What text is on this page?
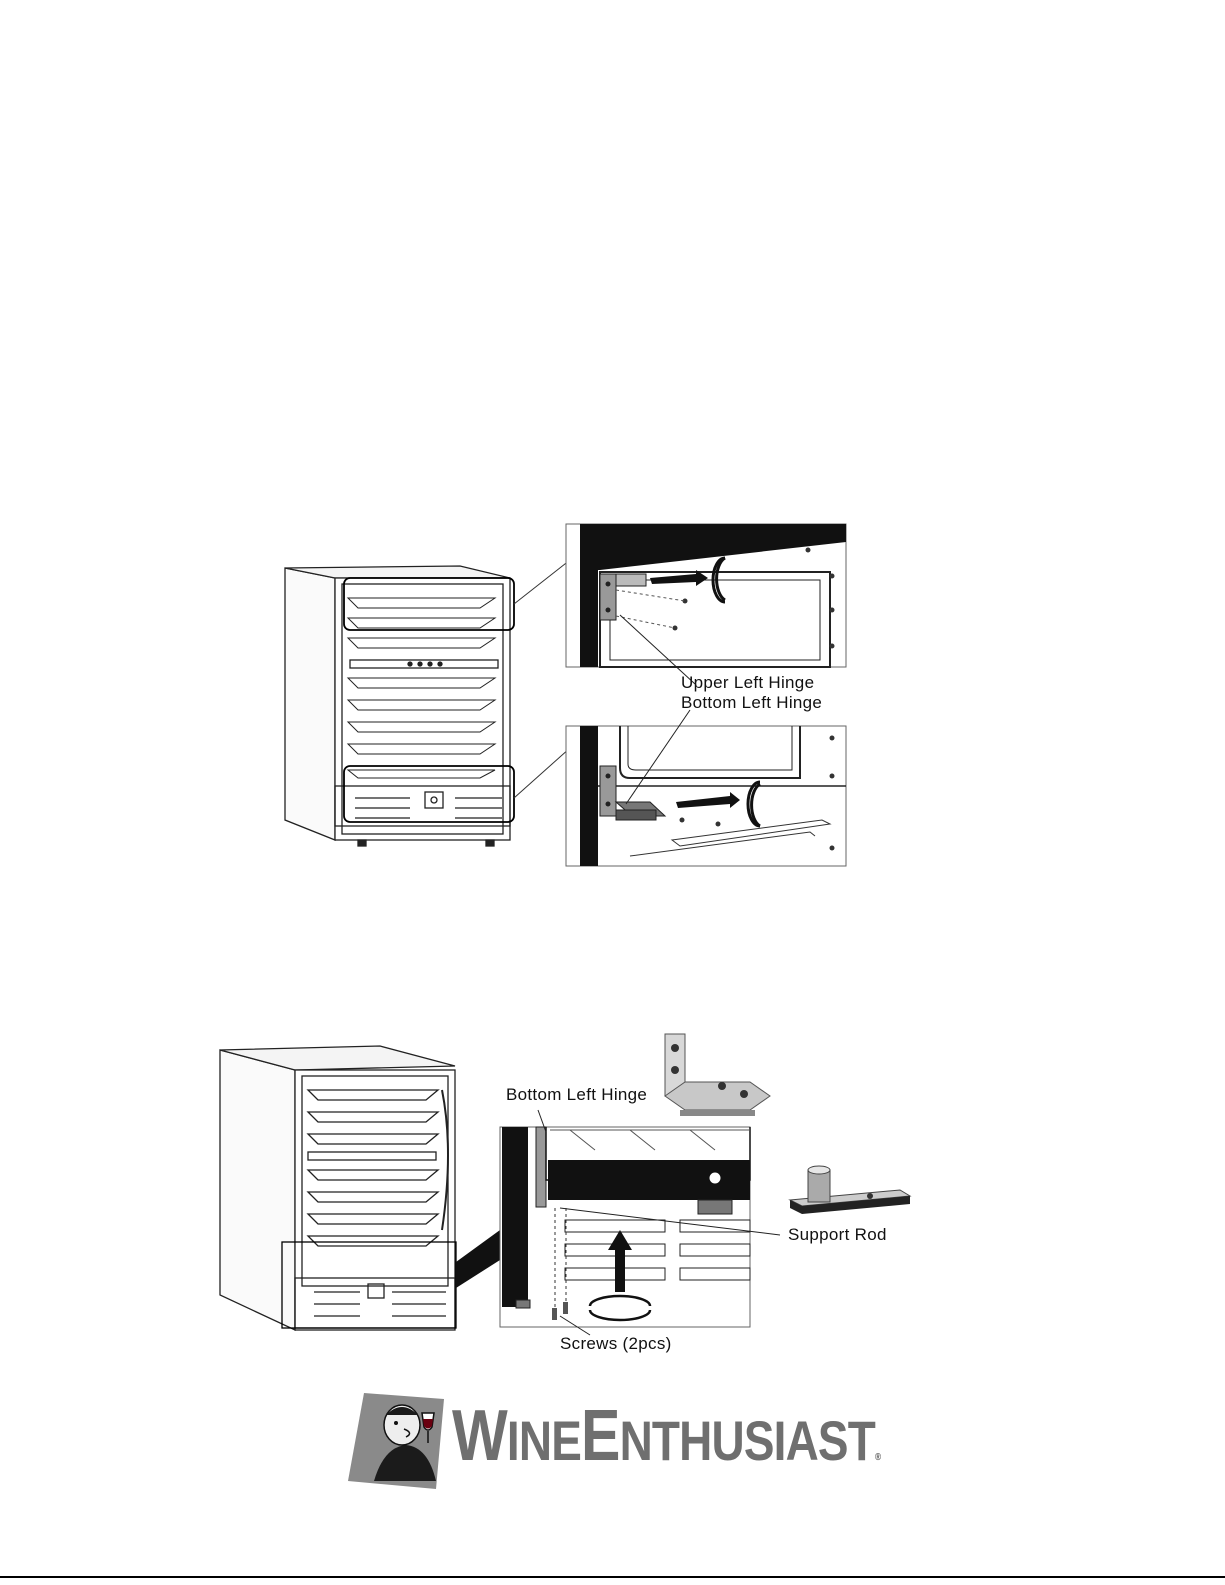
Upper Left Hinge
Bottom Left Hinge
Bottom Left Hinge
Support Rod
Screws (2pcs)
WINEENTHUSIAST®
